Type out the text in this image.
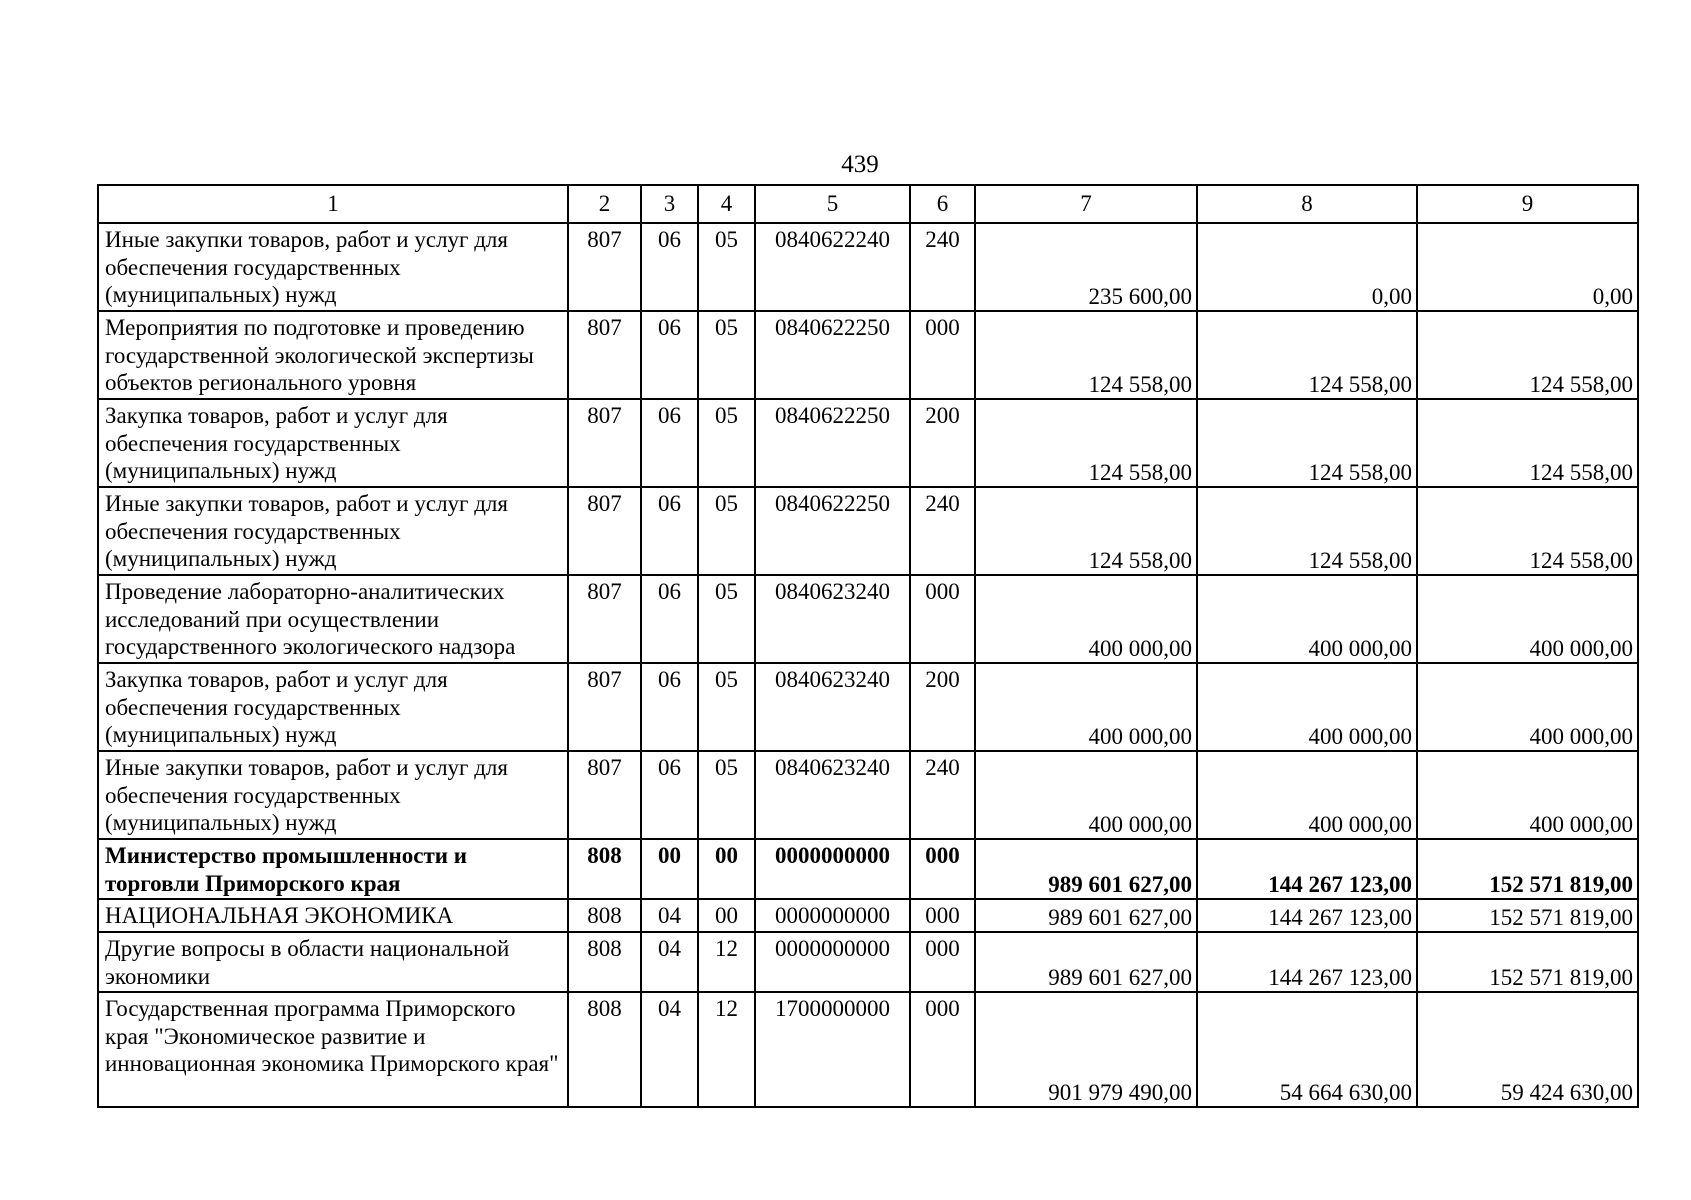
439
1	2	3	4	5	6	7	8	9
Иные закупки товаров, работ и услуг для обеспечения государственных (муниципальных) нужд	807	06	05	0840622240	240	235 600,00	0,00	0,00
Мероприятия по подготовке и проведению государственной экологической экспертизы объектов регионального уровня	807	06	05	0840622250	000	124 558,00	124 558,00	124 558,00
Закупка товаров, работ и услуг для обеспечения государственных (муниципальных) нужд	807	06	05	0840622250	200	124 558,00	124 558,00	124 558,00
Иные закупки товаров, работ и услуг для обеспечения государственных (муниципальных) нужд	807	06	05	0840622250	240	124 558,00	124 558,00	124 558,00
Проведение лабораторно-аналитических исследований при осуществлении государственного экологического надзора	807	06	05	0840623240	000	400 000,00	400 000,00	400 000,00
Закупка товаров, работ и услуг для обеспечения государственных (муниципальных) нужд	807	06	05	0840623240	200	400 000,00	400 000,00	400 000,00
Иные закупки товаров, работ и услуг для обеспечения государственных (муниципальных) нужд	807	06	05	0840623240	240	400 000,00	400 000,00	400 000,00
Министерство промышленности и торговли Приморского края	808	00	00	0000000000	000	989 601 627,00	144 267 123,00	152 571 819,00
НАЦИОНАЛЬНАЯ ЭКОНОМИКА	808	04	00	0000000000	000	989 601 627,00	144 267 123,00	152 571 819,00
Другие вопросы в области национальной экономики	808	04	12	0000000000	000	989 601 627,00	144 267 123,00	152 571 819,00
Государственная программа Приморского края "Экономическое развитие и инновационная экономика Приморского края"	808	04	12	1700000000	000	901 979 490,00	54 664 630,00	59 424 630,00
